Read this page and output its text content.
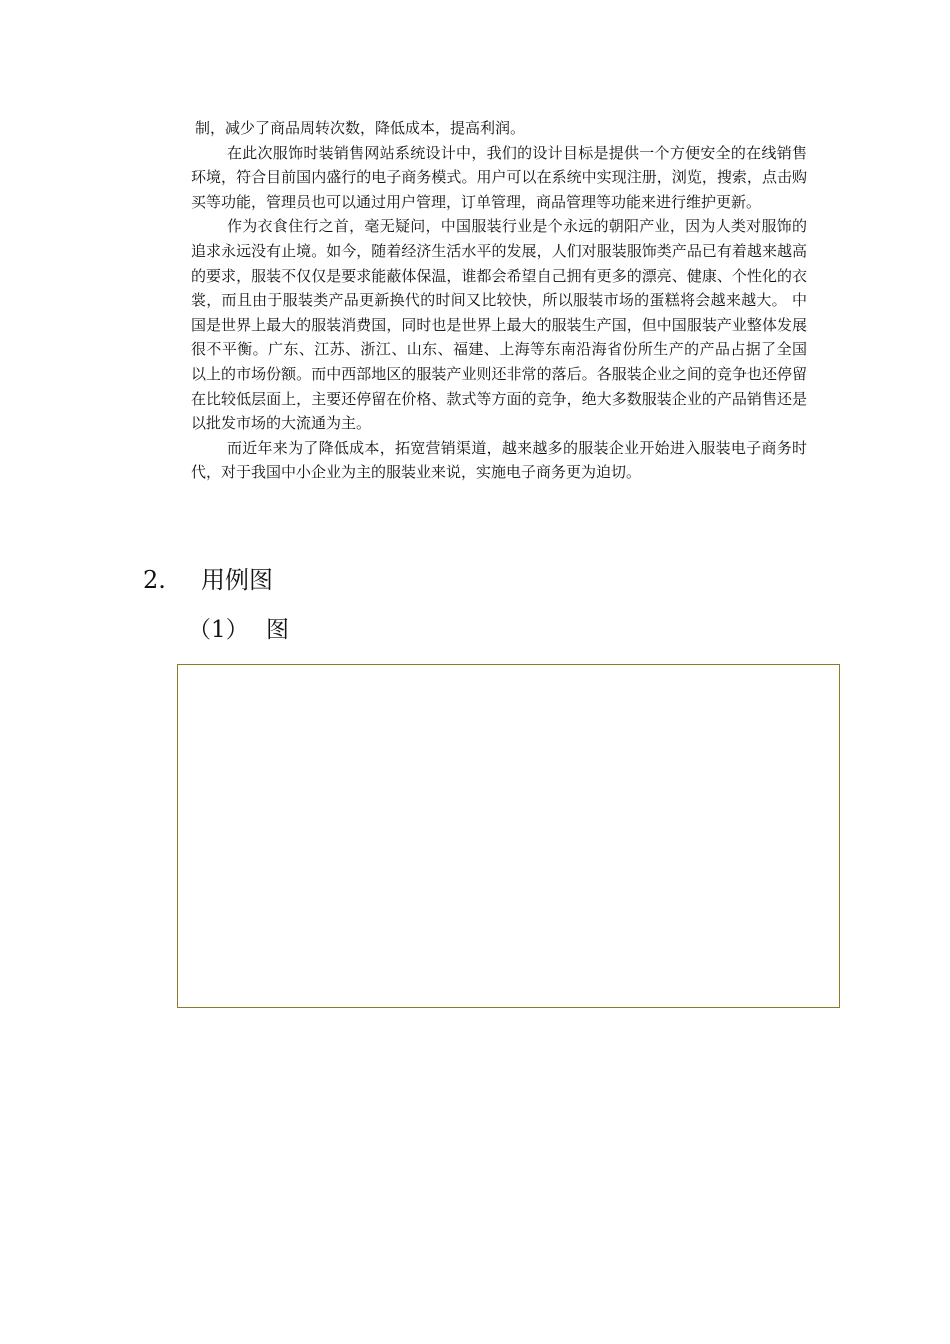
制，减少了商品周转次数，降低成本，提高利润。

在此次服饰时装销售网站系统设计中，我们的设计目标是提供一个方便安全的在线销售环境，符合目前国内盛行的电子商务模式。用户可以在系统中实现注册，浏览，搜索，点击购买等功能，管理员也可以通过用户管理，订单管理，商品管理等功能来进行维护更新。

作为衣食住行之首，毫无疑问，中国服装行业是个永远的朝阳产业，因为人类对服饰的追求永远没有止境。如今，随着经济生活水平的发展，人们对服装服饰类产品已有着越来越高的要求，服装不仅仅是要求能蔽体保温，谁都会希望自己拥有更多的漂亮、健康、个性化的衣裳，而且由于服装类产品更新换代的时间又比较快，所以服装市场的蛋糕将会越来越大。 中国是世界上最大的服装消费国，同时也是世界上最大的服装生产国，但中国服装产业整体发展很不平衡。广东、江苏、浙江、山东、福建、上海等东南沿海省份所生产的产品占据了全国　　以上的市场份额。而中西部地区的服装产业则还非常的落后。各服装企业之间的竞争也还停留在比较低层面上，主要还停留在价格、款式等方面的竞争，绝大多数服装企业的产品销售还是以批发市场的大流通为主。

而近年来为了降低成本，拓宽营销渠道，越来越多的服装企业开始进入服装电子商务时代，对于我国中小企业为主的服装业来说，实施电子商务更为迫切。

2. 用例图
（1） 图
